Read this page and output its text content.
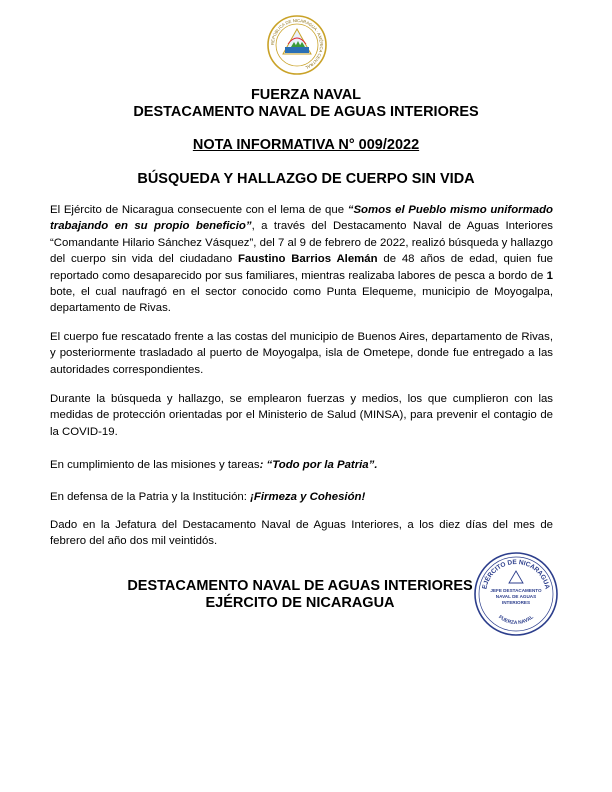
REPÚBLICA DE NICARAGUA · AMÉRICA CENTRAL
FUERZA NAVAL
DESTACAMENTO NAVAL DE AGUAS INTERIORES
NOTA INFORMATIVA N° 009/2022
BÚSQUEDA Y HALLAZGO DE CUERPO SIN VIDA

El Ejército de Nicaragua consecuente con el lema de que “Somos el Pueblo mismo uniformado trabajando en su propio beneficio”, a través del Destacamento Naval de Aguas Interiores “Comandante Hilario Sánchez Vásquez”, del 7 al 9 de febrero de 2022, realizó búsqueda y hallazgo del cuerpo sin vida del ciudadano Faustino Barrios Alemán de 48 años de edad, quien fue reportado como desaparecido por sus familiares, mientras realizaba labores de pesca a bordo de 1 bote, el cual naufragó en el sector conocido como Punta Elequeme, municipio de Moyogalpa, departamento de Rivas.

El cuerpo fue rescatado frente a las costas del municipio de Buenos Aires, departamento de Rivas, y posteriormente trasladado al puerto de Moyogalpa, isla de Ometepe, donde fue entregado a las autoridades correspondientes.

Durante la búsqueda y hallazgo, se emplearon fuerzas y medios, los que cumplieron con las medidas de protección orientadas por el Ministerio de Salud (MINSA), para prevenir el contagio de la COVID-19.

En cumplimiento de las misiones y tareas: “Todo por la Patria”.

En defensa de la Patria y la Institución: ¡Firmeza y Cohesión!

Dado en la Jefatura del Destacamento Naval de Aguas Interiores, a los diez días del mes de febrero del año dos mil veintidós.

DESTACAMENTO NAVAL DE AGUAS INTERIORES
EJÉRCITO DE NICARAGUA
EJÉRCITO DE NICARAGUA
JEFE DESTACAMENTO
NAVAL DE AGUAS
INTERIORES
FUERZA NAVAL
